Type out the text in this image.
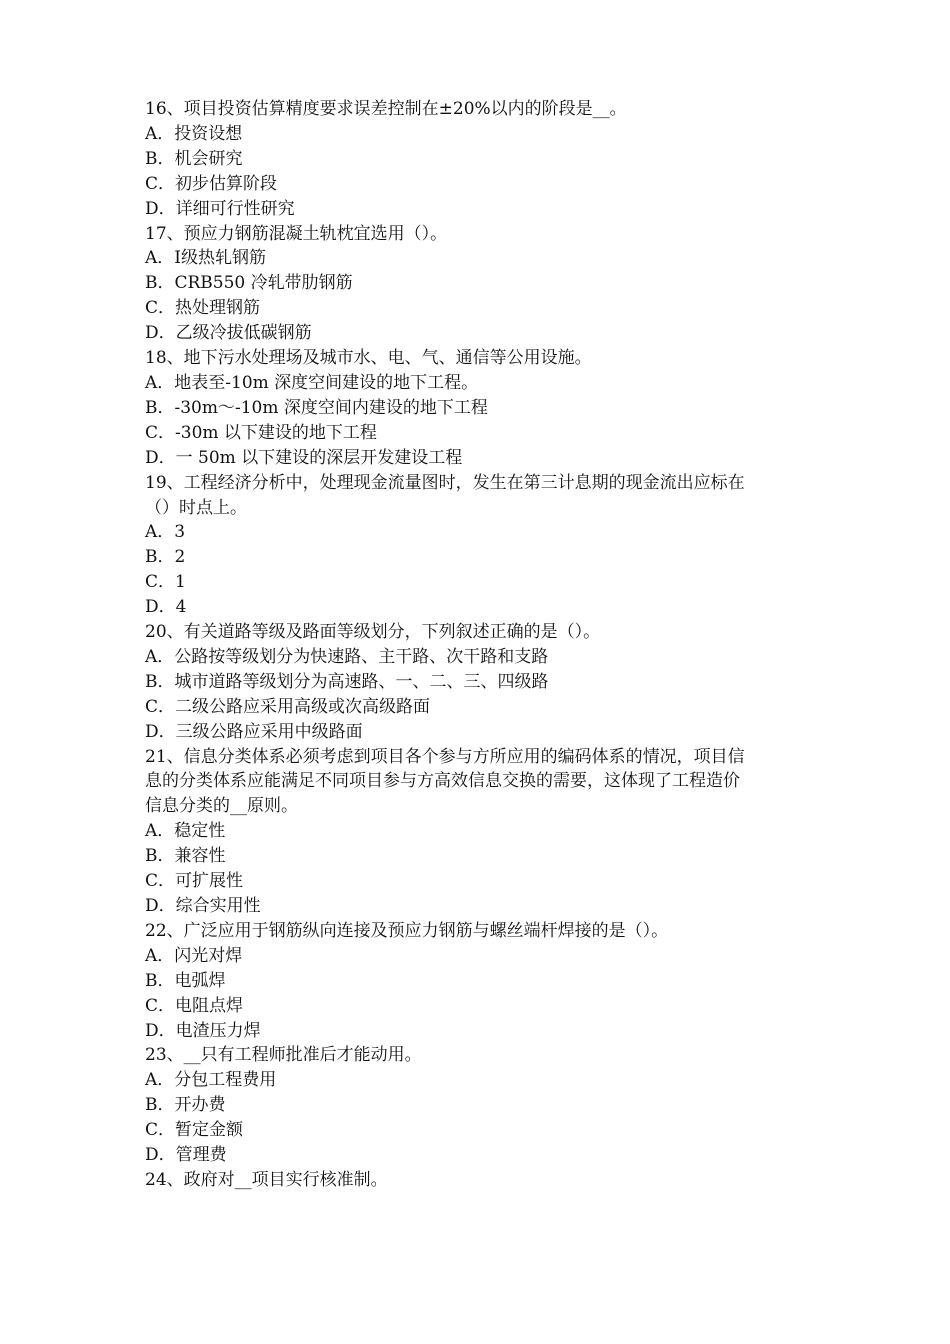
16、项目投资估算精度要求误差控制在±20%以内的阶段是__。
A．投资设想
B．机会研究
C．初步估算阶段
D．详细可行性研究
17、预应力钢筋混凝土轨枕宜选用（）。
A．Ⅰ级热轧钢筋
B．CRB550 冷轧带肋钢筋
C．热处理钢筋
D．乙级冷拔低碳钢筋
18、地下污水处理场及城市水、电、气、通信等公用设施。
A．地表至-10m 深度空间建设的地下工程。
B．-30m～-10m 深度空间内建设的地下工程
C．-30m 以下建设的地下工程
D．一 50m 以下建设的深层开发建设工程
19、工程经济分析中，处理现金流量图时，发生在第三计息期的现金流出应标在
（）时点上。
A．3
B．2
C．1
D．4
20、有关道路等级及路面等级划分，下列叙述正确的是（）。
A．公路按等级划分为快速路、主干路、次干路和支路
B．城市道路等级划分为高速路、一、二、三、四级路
C．二级公路应采用高级或次高级路面
D．三级公路应采用中级路面
21、信息分类体系必须考虑到项目各个参与方所应用的编码体系的情况，项目信
息的分类体系应能满足不同项目参与方高效信息交换的需要，这体现了工程造价
信息分类的__原则。
A．稳定性
B．兼容性
C．可扩展性
D．综合实用性
22、广泛应用于钢筋纵向连接及预应力钢筋与螺丝端杆焊接的是（）。
A．闪光对焊
B．电弧焊
C．电阻点焊
D．电渣压力焊
23、__只有工程师批准后才能动用。
A．分包工程费用
B．开办费
C．暂定金额
D．管理费
24、政府对__项目实行核准制。
